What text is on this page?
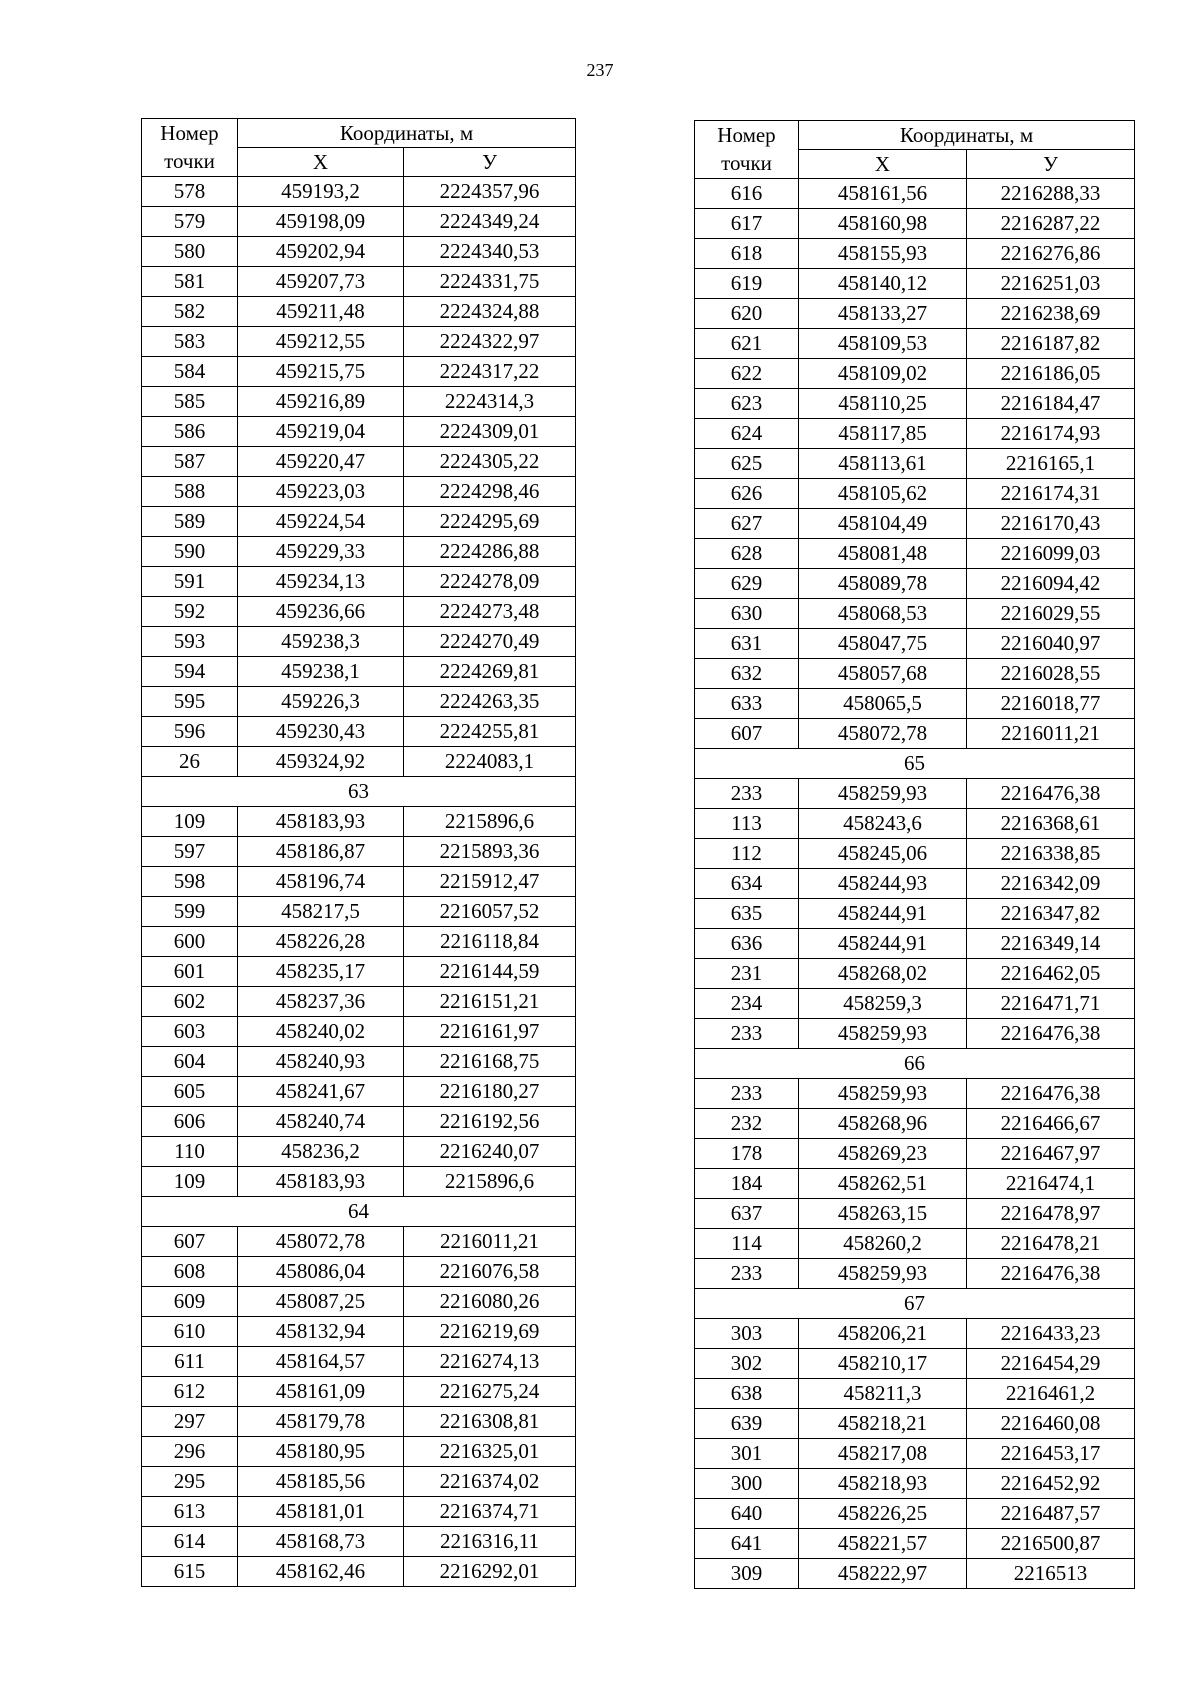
237
Номер	Координаты, м	
точки	X	У
578	459193,2	2224357,96
579	459198,09	2224349,24
580	459202,94	2224340,53
581	459207,73	2224331,75
582	459211,48	2224324,88
583	459212,55	2224322,97
584	459215,75	2224317,22
585	459216,89	2224314,3
586	459219,04	2224309,01
587	459220,47	2224305,22
588	459223,03	2224298,46
589	459224,54	2224295,69
590	459229,33	2224286,88
591	459234,13	2224278,09
592	459236,66	2224273,48
593	459238,3	2224270,49
594	459238,1	2224269,81
595	459226,3	2224263,35
596	459230,43	2224255,81
26	459324,92	2224083,1
63		
109	458183,93	2215896,6
597	458186,87	2215893,36
598	458196,74	2215912,47
599	458217,5	2216057,52
600	458226,28	2216118,84
601	458235,17	2216144,59
602	458237,36	2216151,21
603	458240,02	2216161,97
604	458240,93	2216168,75
605	458241,67	2216180,27
606	458240,74	2216192,56
110	458236,2	2216240,07
109	458183,93	2215896,6
64		
607	458072,78	2216011,21
608	458086,04	2216076,58
609	458087,25	2216080,26
610	458132,94	2216219,69
611	458164,57	2216274,13
612	458161,09	2216275,24
297	458179,78	2216308,81
296	458180,95	2216325,01
295	458185,56	2216374,02
613	458181,01	2216374,71
614	458168,73	2216316,11
615	458162,46	2216292,01
Номер	Координаты, м	
точки	X	У
616	458161,56	2216288,33
617	458160,98	2216287,22
618	458155,93	2216276,86
619	458140,12	2216251,03
620	458133,27	2216238,69
621	458109,53	2216187,82
622	458109,02	2216186,05
623	458110,25	2216184,47
624	458117,85	2216174,93
625	458113,61	2216165,1
626	458105,62	2216174,31
627	458104,49	2216170,43
628	458081,48	2216099,03
629	458089,78	2216094,42
630	458068,53	2216029,55
631	458047,75	2216040,97
632	458057,68	2216028,55
633	458065,5	2216018,77
607	458072,78	2216011,21
65		
233	458259,93	2216476,38
113	458243,6	2216368,61
112	458245,06	2216338,85
634	458244,93	2216342,09
635	458244,91	2216347,82
636	458244,91	2216349,14
231	458268,02	2216462,05
234	458259,3	2216471,71
233	458259,93	2216476,38
66		
233	458259,93	2216476,38
232	458268,96	2216466,67
178	458269,23	2216467,97
184	458262,51	2216474,1
637	458263,15	2216478,97
114	458260,2	2216478,21
233	458259,93	2216476,38
67		
303	458206,21	2216433,23
302	458210,17	2216454,29
638	458211,3	2216461,2
639	458218,21	2216460,08
301	458217,08	2216453,17
300	458218,93	2216452,92
640	458226,25	2216487,57
641	458221,57	2216500,87
309	458222,97	2216513
